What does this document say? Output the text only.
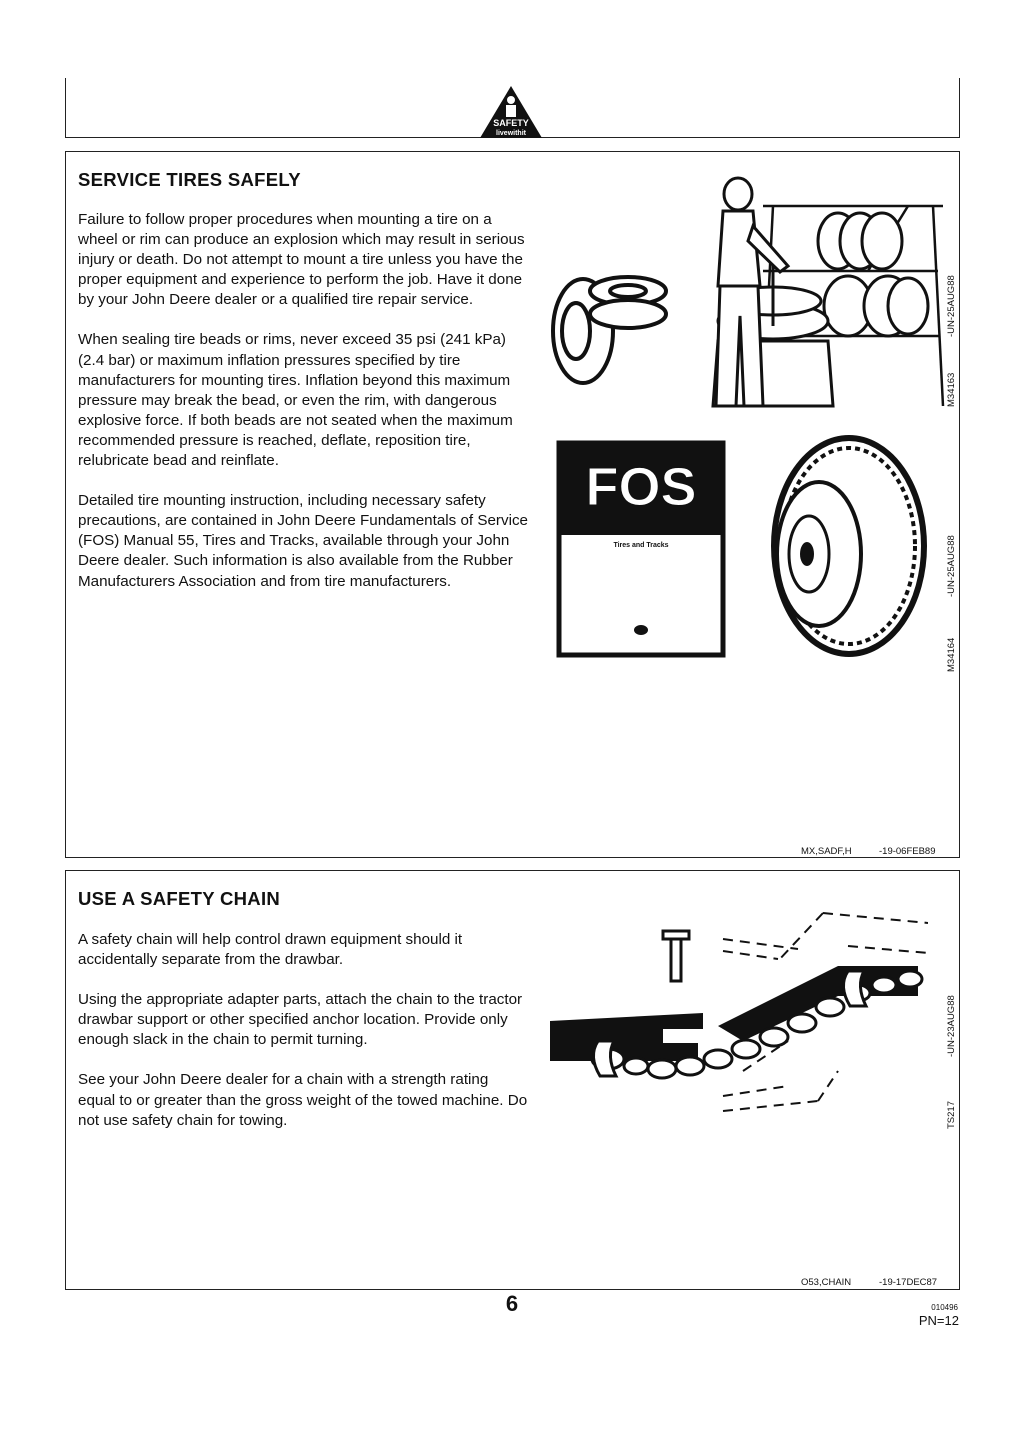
SAFETY
livewithit
SERVICE TIRES SAFELY

Failure to follow proper procedures when mounting a tire on a wheel or rim can produce an explosion which may result in serious injury or death. Do not attempt to mount a tire unless you have the proper equipment and experience to perform the job. Have it done by your John Deere dealer or a qualified tire repair service.

When sealing tire beads or rims, never exceed 35 psi (241 kPa) (2.4 bar) or maximum inflation pressures specified by tire manufacturers for mounting tires. Inflation beyond this maximum pressure may break the bead, or even the rim, with dangerous explosive force. If both beads are not seated when the maximum recommended pressure is reached, deflate, reposition tire, relubricate bead and reinflate.

Detailed tire mounting instruction, including necessary safety precautions, are contained in John Deere Fundamentals of Service (FOS) Manual 55, Tires and Tracks, available through your John Deere dealer. Such information is also available from the Rubber Manufacturers Association and from tire manufacturers.

M34163
-UN-25AUG88
FOS
Tires and Tracks
M34164
-UN-25AUG88
MX,SADF,H	-19-06FEB89
USE A SAFETY CHAIN

A safety chain will help control drawn equipment should it accidentally separate from the drawbar.

Using the appropriate adapter parts, attach the chain to the tractor drawbar support or other specified anchor location. Provide only enough slack in the chain to permit turning.

See your John Deere dealer for a chain with a strength rating equal to or greater than the gross weight of the towed machine. Do not use safety chain for towing.	TS217
-UN-23AUG88
O53,CHAIN	-19-17DEC87
6	010496
PN=12
